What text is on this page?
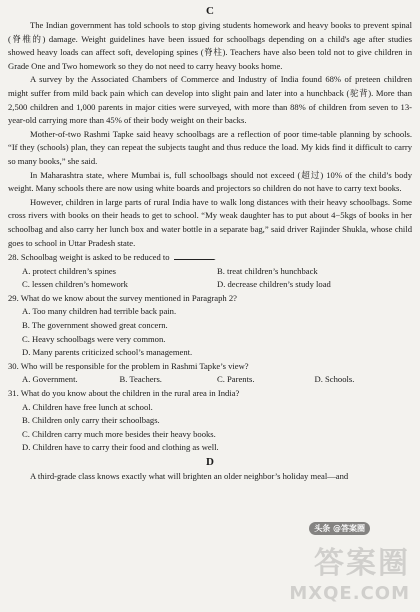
C

The Indian government has told schools to stop giving students homework and heavy books to prevent spinal (脊椎的) damage. Weight guidelines have been issued for schoolbags depending on a child's age after studies showed heavy loads can affect soft, developing spines (脊柱). Teachers have also been told not to give children in Grade One and Two homework so they do not need to carry heavy books home.

A survey by the Associated Chambers of Commerce and Industry of India found 68% of preteen children might suffer from mild back pain which can develop into slight pain and later into a hunchback (驼背). More than 2,500 children and 1,000 parents in major cities were surveyed, with more than 88% of children from seven to 13-year-old carrying more than 45% of their body weight on their backs.

Mother-of-two Rashmi Tapke said heavy schoolbags are a reflection of poor time-table planning by schools. “If they (schools) plan, they can repeat the subjects taught and thus reduce the load. My kids find it difficult to carry so many books,” she said.

In Maharashtra state, where Mumbai is, full schoolbags should not exceed (超过) 10% of the child’s body weight. Many schools there are now using white boards and projectors so children do not have to carry text books.

However, children in large parts of rural India have to walk long distances with their heavy schoolbags. Some cross rivers with books on their heads to get to school. “My weak daughter has to put about 4−5kgs of books in her schoolbag and also carry her lunch box and water bottle in a separate bag,” said driver Rajinder Shukla, whose child goes to school in Uttar Pradesh state.

28. Schoolbag weight is asked to be reduced to	.
A. protect children’s spines	B. treat children’s hunchback
C. lessen children’s homework	D. decrease children’s study load
29. What do we know about the survey mentioned in Paragraph 2?
A. Too many children had terrible back pain.
B. The government showed great concern.
C. Heavy schoolbags were very common.
D. Many parents criticized school’s management.
30. Who will be responsible for the problem in Rashmi Tapke’s view?
A. Government.	B. Teachers.	C. Parents.	D. Schools.
31. What do you know about the children in the rural area in India?
A. Children have free lunch at school.
B. Children only carry their schoolbags.
C. Children carry much more besides their heavy books.
D. Children have to carry their food and clothing as well.
D

A third-grade class knows exactly what will brighten an older neighbor’s holiday meal—and

头条 @答案圈
答案圈
MXQE.COM
